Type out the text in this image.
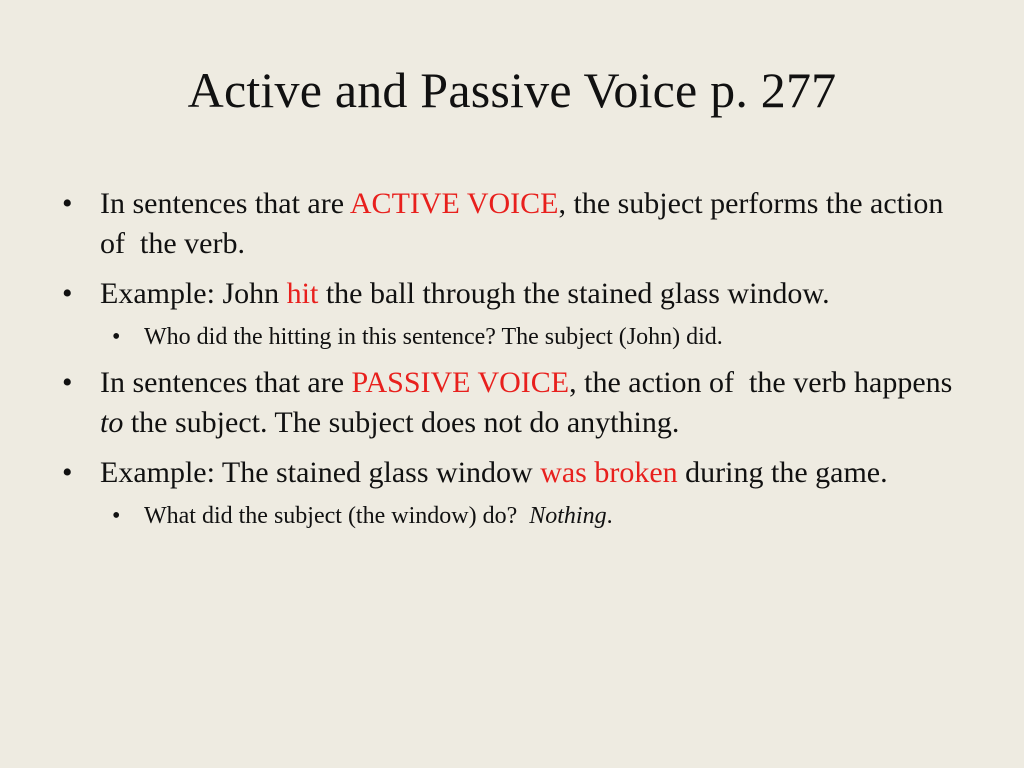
Active and Passive Voice p. 277
• In sentences that are ACTIVE VOICE, the subject performs the action of  the verb.
• Example: John hit the ball through the stained glass window.
• Who did the hitting in this sentence? The subject (John) did.
• In sentences that are PASSIVE VOICE, the action of  the verb happens to the subject. The subject does not do anything.
• Example: The stained glass window was broken during the game.
• What did the subject (the window) do?  Nothing.
